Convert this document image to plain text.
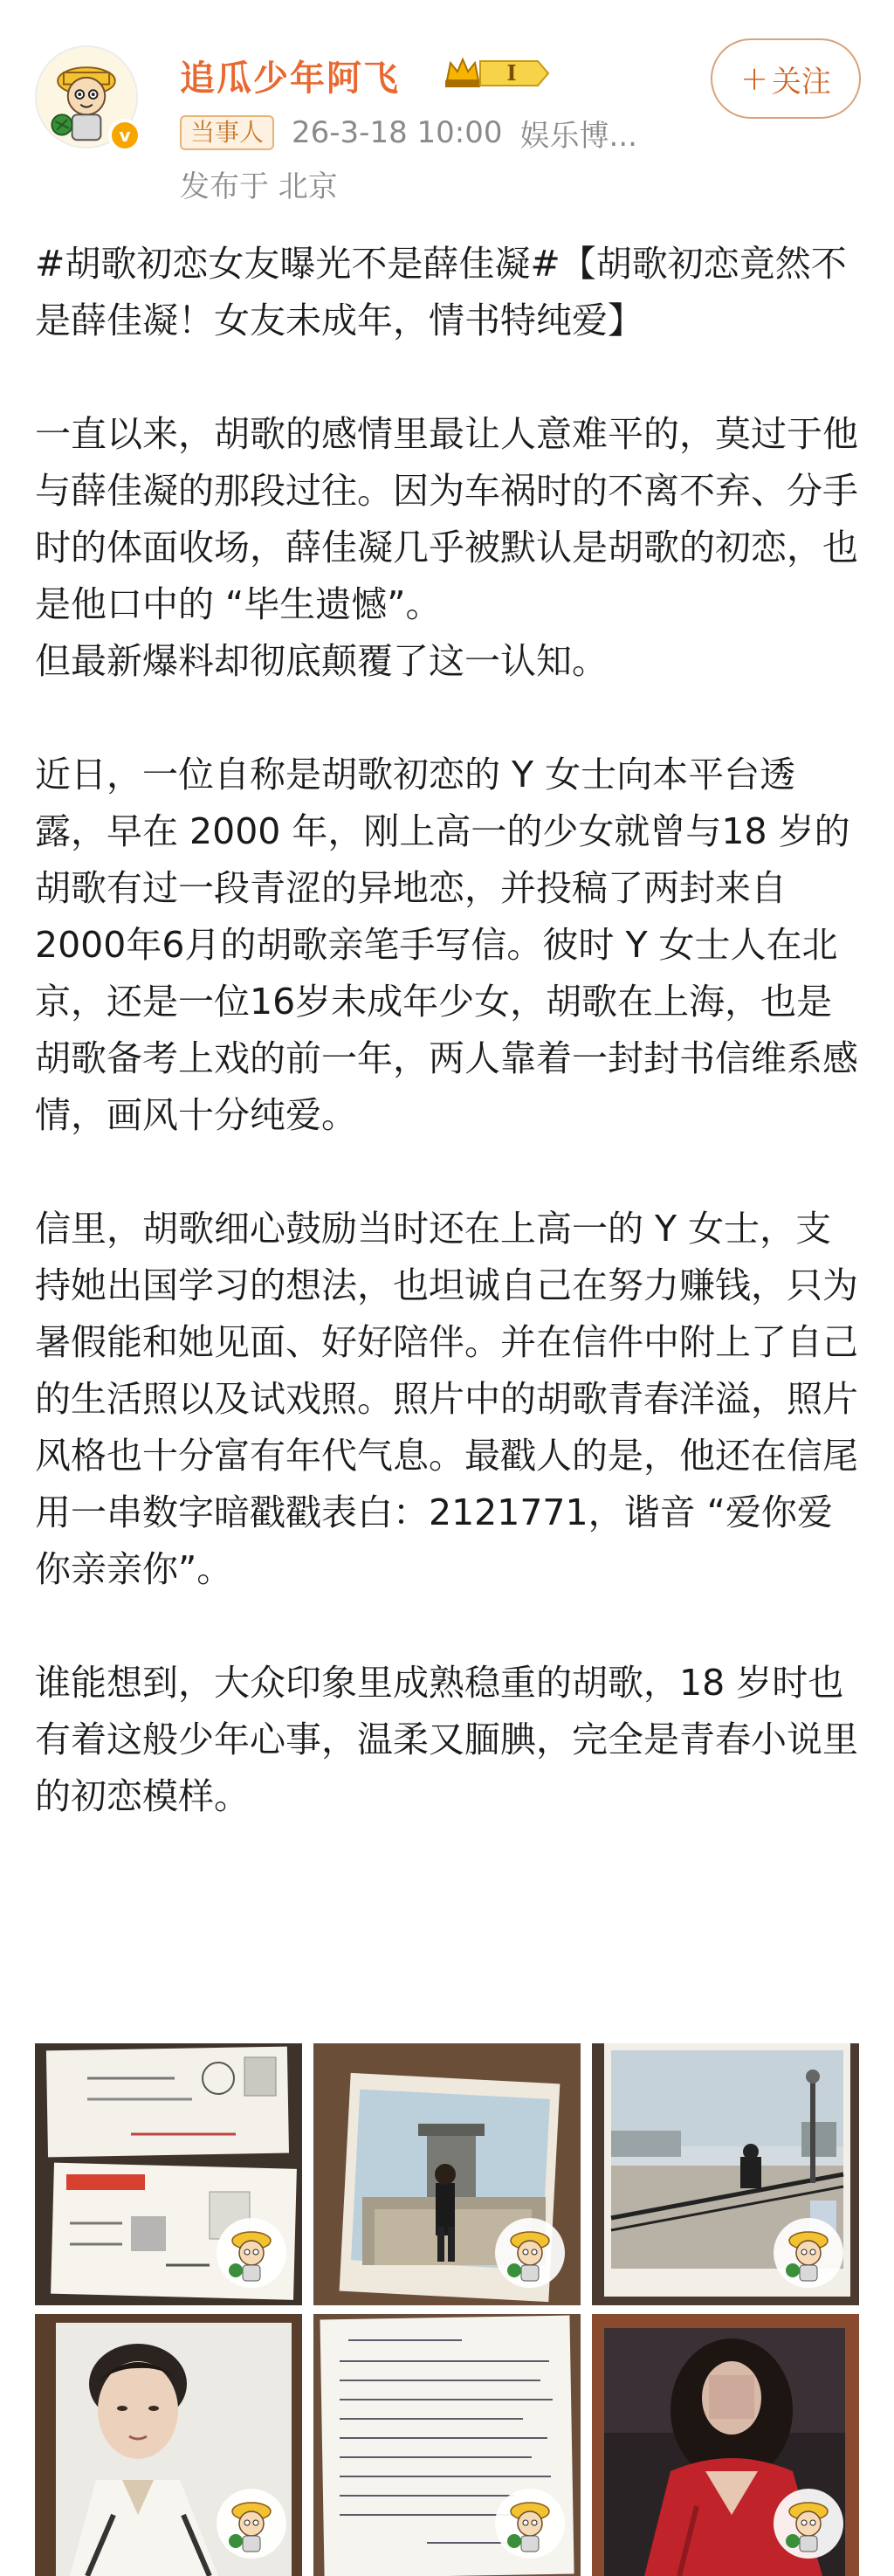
v
追瓜少年阿飞	I	+ 关注
当事人 26-3-18 10:00 娱乐博...
发布于 北京

#胡歌初恋女友曝光不是薛佳凝#【胡歌初恋竟然不是薛佳凝！女友未成年，情书特纯爱】

一直以来，胡歌的感情里最让人意难平的，莫过于他与薛佳凝的那段过往。因为车祸时的不离不弃、分手时的体面收场，薛佳凝几乎被默认是胡歌的初恋，也是他口中的 “毕生遗憾”。

但最新爆料却彻底颠覆了这一认知。

近日，一位自称是胡歌初恋的 Y 女士向本平台透露，早在 2000 年，刚上高一的少女就曾与18 岁的胡歌有过一段青涩的异地恋，并投稿了两封来自2000年6月的胡歌亲笔手写信。彼时 Y 女士人在北京，还是一位16岁未成年少女，胡歌在上海，也是胡歌备考上戏的前一年，两人靠着一封封书信维系感情，画风十分纯爱。

信里，胡歌细心鼓励当时还在上高一的 Y 女士，支持她出国学习的想法，也坦诚自己在努力赚钱，只为暑假能和她见面、好好陪伴。并在信件中附上了自己的生活照以及试戏照。照片中的胡歌青春洋溢，照片风格也十分富有年代气息。最戳人的是，他还在信尾用一串数字暗戳戳表白：2121771，谐音 “爱你爱你亲亲你”。

谁能想到，大众印象里成熟稳重的胡歌，18 岁时也有着这般少年心事，温柔又腼腆，完全是青春小说里的初恋模样。
